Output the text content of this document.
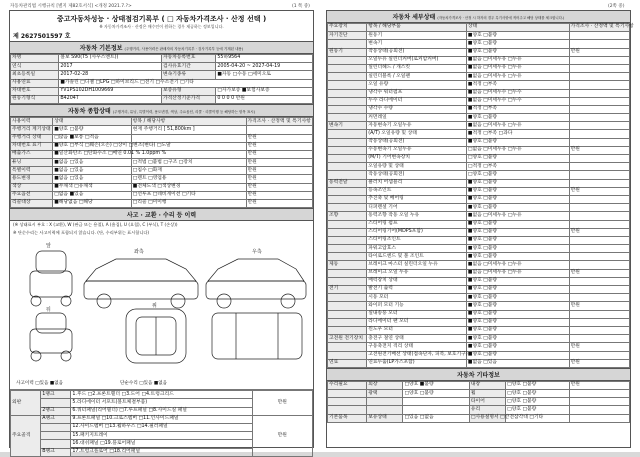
자동차관리법 시행규칙 [별지 제82호서식] <개정 2021.7.?>	(1 쪽 중)	(2쪽 중)
중고자동차성능 · 상태점검기록부 ( □ 자동차가격조사 · 산정 선택 )
※ 자동차가격조사 · 산정은 매수인이 원하는 경우 제공하는 정보입니다.
제 2627501597 호
자동차 기본정보 (주행거리, 사용이력은 판매자의 자동차기록부 · 검사기록부 등에 기재된 내용)
차명	볼보 S90(T5 (사우스엔트))	자동차등록번호	55하9564
연식	2017	검사유효기간	2005-04-20 ~ 2027-04-19
최초등록일	2017-02-28	변속기종류	■자동 □수동 □세미오토
사용연료	■가솔린 □디젤 □LPG □하이브리드 □전기 □수소전기 □기타		
차대번호	YV1PS102DH1009669	보증유형	□자가보증 ■보험사보증
원동기형식	B4204T	가격산정기준가격	0 0 0 0 만원
자동차 종합상태 (주행거리, 튜닝, 특별이력, 용도변경, 색상, 주요옵션, 리콜 · 리콜이행 등 해당하는 항목 표시)
사용이력	상태	항목 / 해당사항	가격조사 · 산정액 및 특기사항
주행거리 계기상태	■양호 □불량	현재 주행거리 [ 51,800km ]	
주행거리 상태	□많음 ■보통 □적음		만원
차대번호 표기	■양호 □부식 □훼손(오손) □상이 □변조(변타) □도말		만원
배출가스	■일산화탄소 □탄화수소 □매연 0.01 % 1.0ppm %		만원
튜닝	■없음 □있음	□적법 □불법 □구조 □장치	만원
특별이력	■없음 □있음	□침수 □화재	만원
용도변경	■없음 □있음	□렌트 □영업용	만원
색상	■무채색 □유채색	■전체도색 □색상변경	만원
주요옵션	□없음 ■있음	□선루프 □네비게이션 □기타	만원
리콜대상	■해당없음 □해당	□리콜 □미이행	만원
사고 · 교환 · 수리 등 이력
(※ 상태표시 부호 : X (교환), W (판금 또는 용접), A (흠집), U (요철), C (부식), T (손상))
※ 단순수리는 사고이력에 포함되지 않습니다. (단, 수리부위는 표시합니다)
앞
뒤
좌측	우측
위
사고이력 □있음 ■없음	단순수리 □있음 ■없음
외판	1랭크	1.후드 □2.프론트휀더 □3.도어 □4.트렁크리드	만원
		5.라디에이터 서포트(볼트체결부품)	
	2랭크	6.쿼터패널(리어휀더) □7.루프패널 □8.사이드실 패널	
주요골격	A랭크	9.프론트패널 □10.크로스멤버 □11.인사이드패널	만원
		12.사이드멤버 □13.휠하우스 □14.필러패널	
		15.패키지트레이	
		16.대쉬패널 □19.플로어패널	
	B랭크	17.트렁크플로어 □18.리어패널	
자동차 세부상태 (자동차가격조사 · 산정 시 하자의 경우 특기사항에 적어주고 해당 상태를 체크합니다.)
주요장치	항목 / 해당부품	상태	가격조사 · 산정액 및 특기사항
자기진단	원동기	■양호 □불량	
	변속기	■양호 □불량	
원동기	작동상태(공회전)	■양호 □불량	만원
	오일누유 실린더커버(로커암커버)	■없음 □미세누유 □누유	
	실린더헤드 / 개스킷	■없음 □미세누유 □누유	
	실린더블록 / 오일팬	■없음 □미세누유 □누유	
	오일 유량	■적정 □부족	
	냉각수 워터펌프	■없음 □미세누수 □누수	
	누수 라디에이터	■없음 □미세누수 □누수	
	냉각수 수량	■적정 □부족	
	커먼레일	■양호 □불량	
변속기	자동변속기 오일누유	■없음 □미세누유 □누유	
	(A/T) 오일유량 및 상태	■적정 □부족 □과다	
	작동상태(공회전)	■양호 □불량	
	수동변속기 오일누유	□없음 □미세누유 □누유	만원
	(M/T) 기어변속장치	□양호 □불량	
	오일유량 및 상태	□적정 □부족	
	작동상태(공회전)	□양호 □불량	
동력전달	클러치 어셈블리	■양호 □불량	
	등속조인트	■양호 □불량	만원
	추진축 및 베어링	■양호 □불량	
	디퍼렌셜 기어	■양호 □불량	
조향	동력조향 작동 오일 누유	■없음 □미세누유 □누유	
	스티어링 펌프	■양호 □불량	
	스티어링기어(MDPS포함)	■양호 □불량	만원
	스티어링조인트	■양호 □불량	
	파워고압호스	■양호 □불량	
	타이로드엔드 및 볼 조인트	■양호 □불량	
제동	브레이크 마스터 실린더오일 누유	■없음 □미세누유 □누유	
	브레이크 오일 누유	■없음 □미세누유 □누유	만원
	배력장치 상태	■양호 □불량	
전기	발전기 출력	■양호 □불량	
	시동 모터	■양호 □불량	
	와이퍼 모터 기능	■양호 □불량	만원
	실내송풍 모터	■양호 □불량	
	라디에이터 팬 모터	■양호 □불량	
	윈도우 모터	■양호 □불량	
고전원 전기장치	충전구 절연 상태	■양호 □불량	
	구동축전지 격리 상태	■양호 □불량	만원
	고전원전기배선 상태(접속단자, 피복, 보호기구)	■양호 □불량	
연료	연료누출(LP가스포함)	■없음 □있음	만원
자동차 기타정보
수리필요	외장	□양호 ■불량	내장	□양호 □불량	만원
	광택	□양호 □불량	휠	□양호 □불량	
			타이어	□양호 □불량	
			유리	□양호 □불량	
기본품목	보유상태	□있음 □없음	□사용설명서 □안전삼각대 □기타		
